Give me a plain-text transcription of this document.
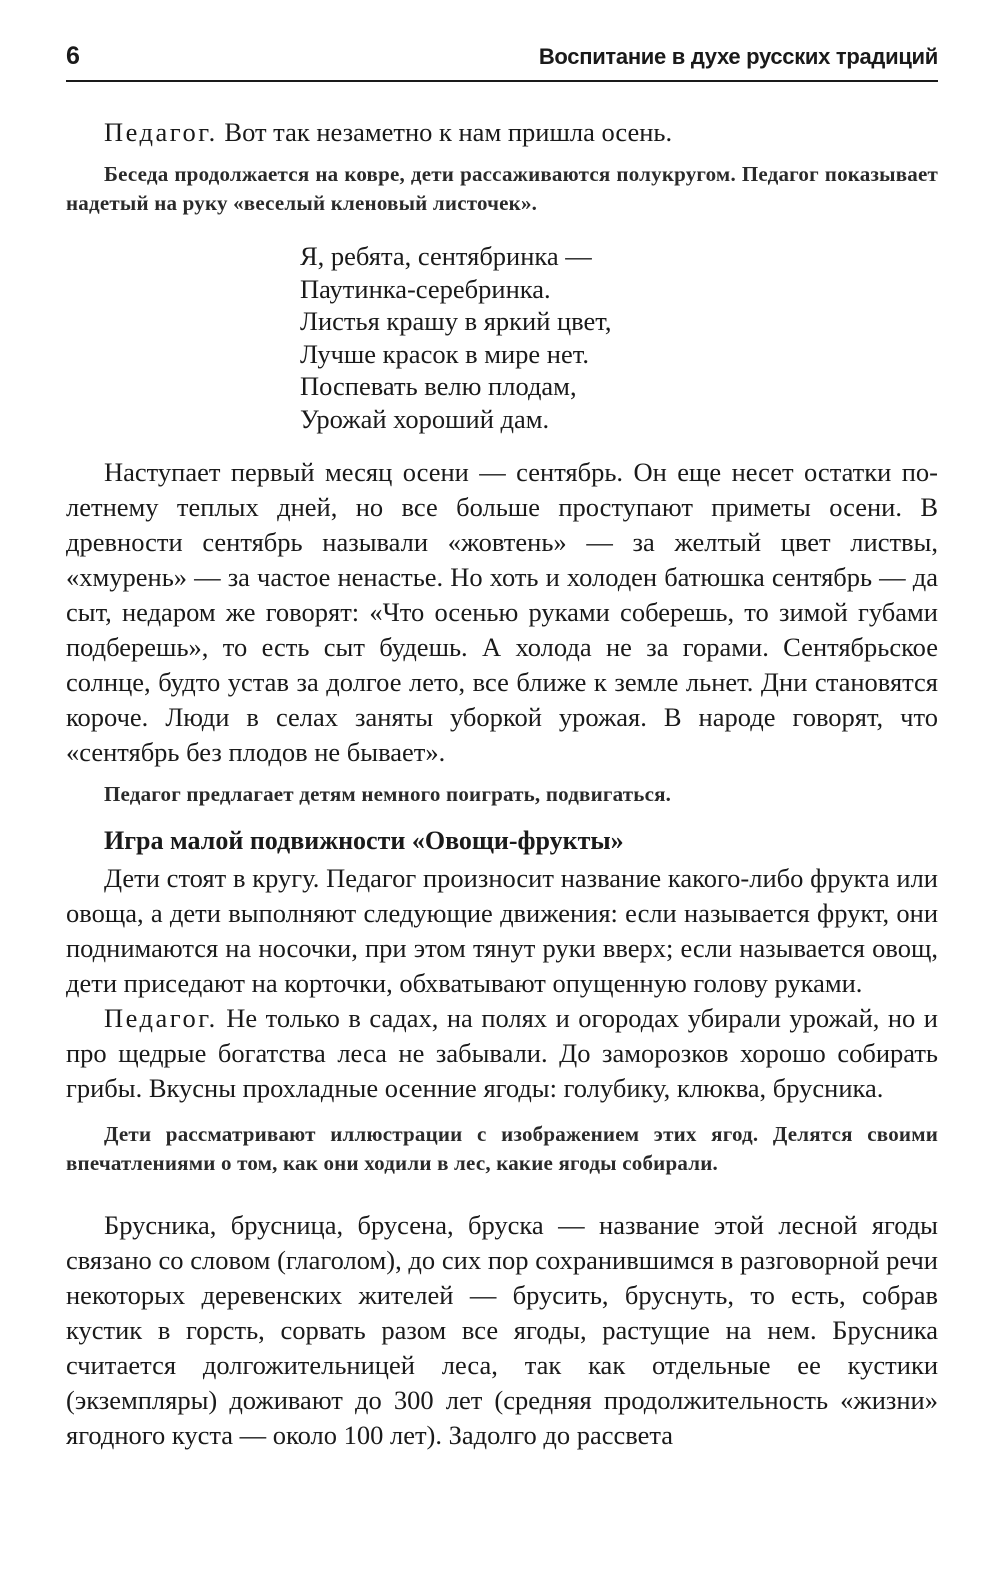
6	Воспитание в духе русских традиций

Педагог. Вот так незаметно к нам пришла осень.

Беседа продолжается на ковре, дети рассаживаются полукругом. Педагог показывает надетый на руку «веселый кленовый листочек».

Я, ребята, сентябринка —
Паутинка-серебринка.
Листья крашу в яркий цвет,
Лучше красок в мире нет.
Поспевать велю плодам,
Урожай хороший дам.

Наступает первый месяц осени — сентябрь. Он еще несет остатки по-летнему теплых дней, но все больше проступают приметы осени. В древности сентябрь называли «жовтень» — за желтый цвет листвы, «хмурень» — за частое ненастье. Но хоть и холоден батюшка сентябрь — да сыт, недаром же говорят: «Что осенью руками соберешь, то зимой губами подберешь», то есть сыт будешь. А холода не за горами. Сентябрьское солнце, будто устав за долгое лето, все ближе к земле льнет. Дни становятся короче. Люди в селах заняты уборкой урожая. В народе говорят, что «сентябрь без плодов не бывает».

Педагог предлагает детям немного поиграть, подвигаться.

Игра малой подвижности «Овощи-фрукты»

Дети стоят в кругу. Педагог произносит название какого-либо фрукта или овоща, а дети выполняют следующие движения: если называется фрукт, они поднимаются на носочки, при этом тянут руки вверх; если называется овощ, дети приседают на корточки, обхватывают опущенную голову руками.

Педагог. Не только в садах, на полях и огородах убирали урожай, но и про щедрые богатства леса не забывали. До заморозков хорошо собирать грибы. Вкусны прохладные осенние ягоды: голубику, клюква, брусника.

Дети рассматривают иллюстрации с изображением этих ягод. Делятся своими впечатлениями о том, как они ходили в лес, какие ягоды собирали.

Брусника, брусница, брусена, бруска — название этой лесной ягоды связано со словом (глаголом), до сих пор сохранившимся в разговорной речи некоторых деревенских жителей — брусить, бруснуть, то есть, собрав кустик в горсть, сорвать разом все ягоды, растущие на нем. Брусника считается долгожительницей леса, так как отдельные ее кустики (экземпляры) доживают до 300 лет (средняя продолжительность «жизни» ягодного куста — около 100 лет). Задолго до рассвета
